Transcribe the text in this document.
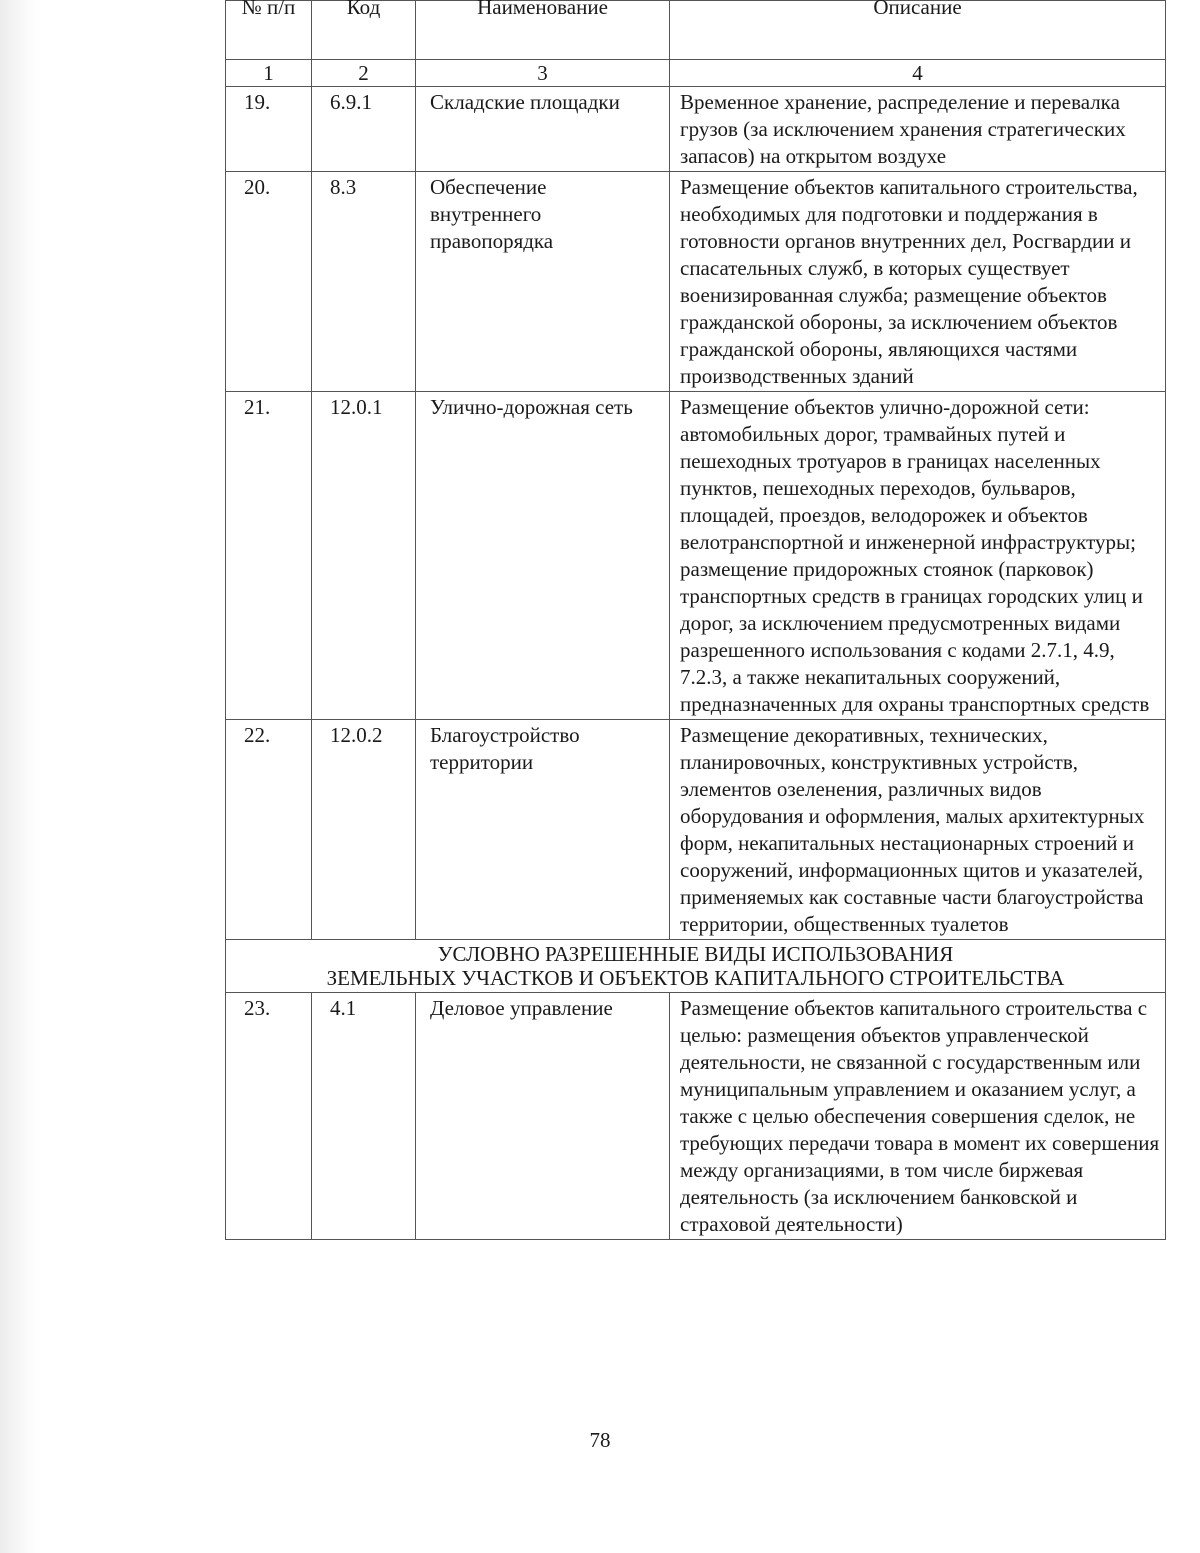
№ п/п	Код	Наименование	Описание

1	2	3	4
19.	6.9.1	Складские площадки	Временное хранение, распределение и перевалка грузов (за исключением хранения стратегических запасов) на открытом воздухе
20.	8.3	Обеспечение внутреннего правопорядка	Размещение объектов капитального строительства, необходимых для подготовки и поддержания в готовности органов внутренних дел, Росгвардии и спасательных служб, в которых существует военизированная служба; размещение объектов гражданской обороны, за исключением объектов гражданской обороны, являющихся частями производственных зданий
21.	12.0.1	Улично-дорожная сеть	Размещение объектов улично-дорожной сети: автомобильных дорог, трамвайных путей и пешеходных тротуаров в границах населенных пунктов, пешеходных переходов, бульваров, площадей, проездов, велодорожек и объектов велотранспортной и инженерной инфраструктуры; размещение придорожных стоянок (парковок) транспортных средств в границах городских улиц и дорог, за исключением предусмотренных видами разрешенного использования с кодами 2.7.1, 4.9, 7.2.3, а также некапитальных сооружений, предназначенных для охраны транспортных средств
22.	12.0.2	Благоустройство территории	Размещение декоративных, технических, планировочных, конструктивных устройств, элементов озеленения, различных видов оборудования и оформления, малых архитектурных форм, некапитальных нестационарных строений и сооружений, информационных щитов и указателей, применяемых как составные части благоустройства территории, общественных туалетов

УСЛОВНО РАЗРЕШЕННЫЕ ВИДЫ ИСПОЛЬЗОВАНИЯ
ЗЕМЕЛЬНЫХ УЧАСТКОВ И ОБЪЕКТОВ КАПИТАЛЬНОГО СТРОИТЕЛЬСТВА			

23.	4.1	Деловое управление	Размещение объектов капитального строительства с целью: размещения объектов управленческой деятельности, не связанной с государственным или муниципальным управлением и оказанием услуг, а также с целью обеспечения совершения сделок, не требующих передачи товара в момент их совершения между организациями, в том числе биржевая деятельность (за исключением банковской и страховой деятельности)
78
